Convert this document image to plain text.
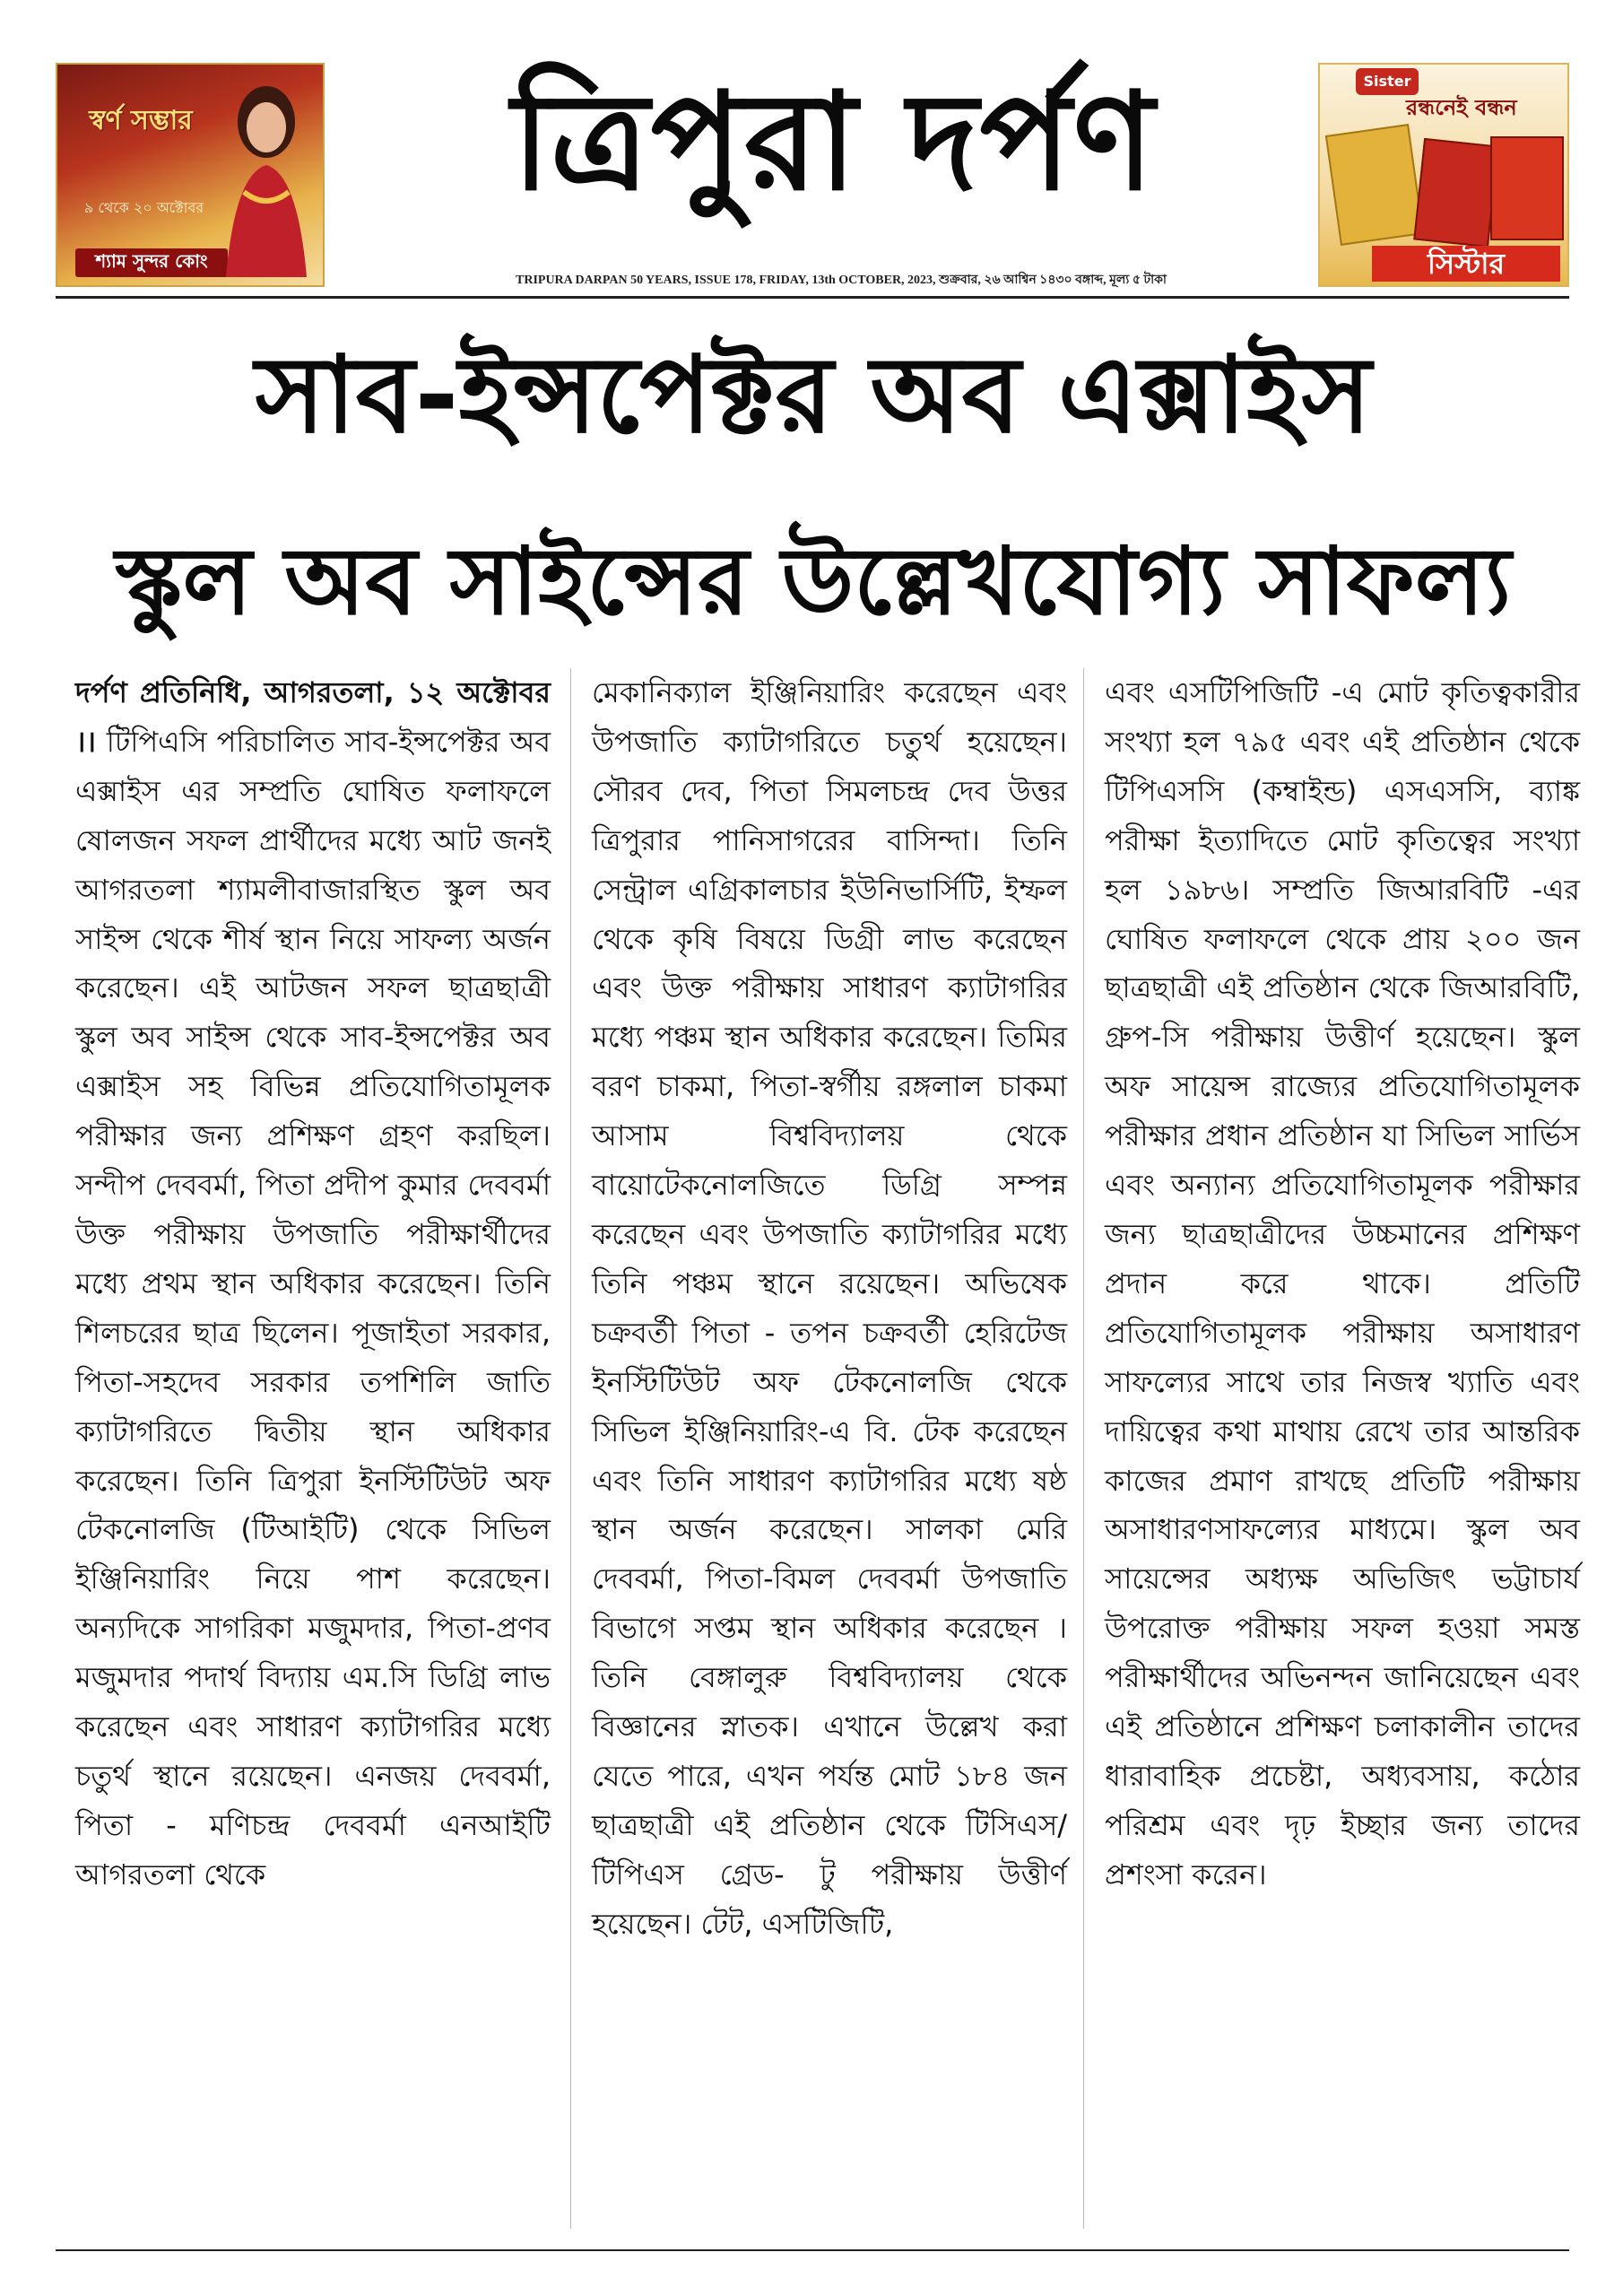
স্বর্ণ সম্ভার
৯ থেকে ২০ অক্টোবর
শ্যাম সুন্দর কোং
ত্রিপুরা দর্পণ
TRIPURA DARPAN 50 YEARS, ISSUE 178, FRIDAY, 13th OCTOBER, 2023, শুক্রবার, ২৬ আশ্বিন ১৪৩০ বঙ্গাব্দ, মূল্য ৫ টাকা
Sister
রন্ধনেই বন্ধন
সিস্টার
সাব-ইন্সপেক্টর অব এক্সাইস
স্কুল অব সাইন্সের উল্লেখযোগ্য সাফল্য
দর্পণ প্রতিনিধি, আগরতলা, ১২ অক্টোবর ।। টিপিএসি পরিচালিত সাব-ইন্সপেক্টর অব এক্সাইস এর সম্প্রতি ঘোষিত ফলাফলে ষোলজন সফল প্রার্থীদের মধ্যে আট জনই আগরতলা শ্যামলীবাজারস্থিত স্কুল অব সাইন্স থেকে শীর্ষ স্থান নিয়ে সাফল্য অর্জন করেছেন। এই আটজন সফল ছাত্রছাত্রী স্কুল অব সাইন্স থেকে সাব-ইন্সপেক্টর অব এক্সাইস সহ বিভিন্ন প্রতিযোগিতামূলক পরীক্ষার জন্য প্রশিক্ষণ গ্রহণ করছিল। সন্দীপ দেববর্মা, পিতা প্রদীপ কুমার দেববর্মা উক্ত পরীক্ষায় উপজাতি পরীক্ষার্থীদের মধ্যে প্রথম স্থান অধিকার করেছেন। তিনি শিলচরের ছাত্র ছিলেন। পূজাইতা সরকার, পিতা-সহদেব সরকার তপশিলি জাতি ক্যাটাগরিতে দ্বিতীয় স্থান অধিকার করেছেন। তিনি ত্রিপুরা ইনস্টিটিউট অফ টেকনোলজি (টিআইটি) থেকে সিভিল ইঞ্জিনিয়ারিং নিয়ে পাশ করেছেন। অন্যদিকে সাগরিকা মজুমদার, পিতা-প্রণব মজুমদার পদার্থ বিদ্যায় এম.সি ডিগ্রি লাভ করেছেন এবং সাধারণ ক্যাটাগরির মধ্যে চতুর্থ স্থানে রয়েছেন। এনজয় দেববর্মা, পিতা - মণিচন্দ্র দেববর্মা এনআইটি আগরতলা থেকে
মেকানিক্যাল ইঞ্জিনিয়ারিং করেছেন এবং উপজাতি ক্যাটাগরিতে চতুর্থ হয়েছেন। সৌরব দেব, পিতা সিমলচন্দ্র দেব উত্তর ত্রিপুরার পানিসাগরের বাসিন্দা। তিনি সেন্ট্রাল এগ্রিকালচার ইউনিভার্সিটি, ইম্ফল থেকে কৃষি বিষয়ে ডিগ্রী লাভ করেছেন এবং উক্ত পরীক্ষায় সাধারণ ক্যাটাগরির মধ্যে পঞ্চম স্থান অধিকার করেছেন। তিমির বরণ চাকমা, পিতা-স্বর্গীয় রঙ্গলাল চাকমা আসাম বিশ্ববিদ্যালয় থেকে বায়োটেকনোলজিতে ডিগ্রি সম্পন্ন করেছেন এবং উপজাতি ক্যাটাগরির মধ্যে তিনি পঞ্চম স্থানে রয়েছেন। অভিষেক চক্রবর্তী পিতা - তপন চক্রবর্তী হেরিটেজ ইনস্টিটিউট অফ টেকনোলজি থেকে সিভিল ইঞ্জিনিয়ারিং-এ বি. টেক করেছেন এবং তিনি সাধারণ ক্যাটাগরির মধ্যে ষষ্ঠ স্থান অর্জন করেছেন। সালকা মেরি দেববর্মা, পিতা-বিমল দেববর্মা উপজাতি বিভাগে সপ্তম স্থান অধিকার করেছেন । তিনি বেঙ্গালুরু বিশ্ববিদ্যালয় থেকে বিজ্ঞানের স্নাতক। এখানে উল্লেখ করা যেতে পারে, এখন পর্যন্ত মোট ১৮৪ জন ছাত্রছাত্রী এই প্রতিষ্ঠান থেকে টিসিএস/ টিপিএস গ্রেড- টু পরীক্ষায় উত্তীর্ণ হয়েছেন। টেট, এসটিজিটি,
এবং এসটিপিজিটি -এ মোট কৃতিত্বকারীর সংখ্যা হল ৭৯৫ এবং এই প্রতিষ্ঠান থেকে টিপিএসসি (কম্বাইন্ড) এসএসসি, ব্যাঙ্ক পরীক্ষা ইত্যাদিতে মোট কৃতিত্বের সংখ্যা হল ১৯৮৬। সম্প্রতি জিআরবিটি -এর ঘোষিত ফলাফলে থেকে প্রায় ২০০ জন ছাত্রছাত্রী এই প্রতিষ্ঠান থেকে জিআরবিটি, গ্রুপ-সি পরীক্ষায় উত্তীর্ণ হয়েছেন। স্কুল অফ সায়েন্স রাজ্যের প্রতিযোগিতামূলক পরীক্ষার প্রধান প্রতিষ্ঠান যা সিভিল সার্ভিস এবং অন্যান্য প্রতিযোগিতামূলক পরীক্ষার জন্য ছাত্রছাত্রীদের উচ্চমানের প্রশিক্ষণ প্রদান করে থাকে। প্রতিটি প্রতিযোগিতামূলক পরীক্ষায় অসাধারণ সাফল্যের সাথে তার নিজস্ব খ্যাতি এবং দায়িত্বের কথা মাথায় রেখে তার আন্তরিক কাজের প্রমাণ রাখছে প্রতিটি পরীক্ষায় অসাধারণসাফল্যের মাধ্যমে। স্কুল অব সায়েন্সের অধ্যক্ষ অভিজিৎ ভট্টাচার্য উপরোক্ত পরীক্ষায় সফল হওয়া সমস্ত পরীক্ষার্থীদের অভিনন্দন জানিয়েছেন এবং এই প্রতিষ্ঠানে প্রশিক্ষণ চলাকালীন তাদের ধারাবাহিক প্রচেষ্টা, অধ্যবসায়, কঠোর পরিশ্রম এবং দৃঢ় ইচ্ছার জন্য তাদের প্রশংসা করেন।
